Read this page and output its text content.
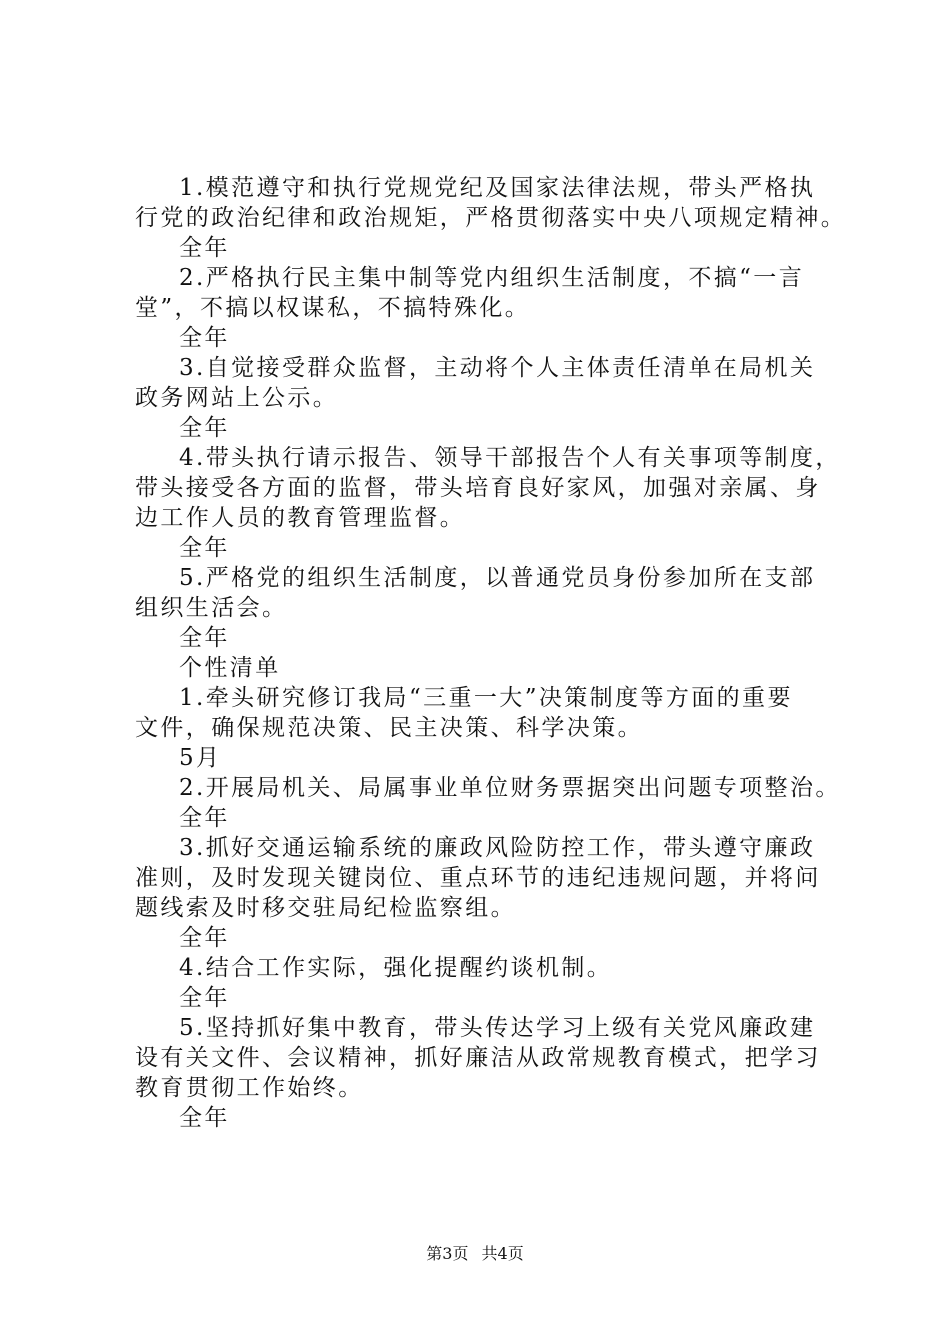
1.模范遵守和执行党规党纪及国家法律法规，带头严格执

行党的政治纪律和政治规矩，严格贯彻落实中央八项规定精神。

全年

2.严格执行民主集中制等党内组织生活制度，不搞“一言

堂”，不搞以权谋私，不搞特殊化。

全年

3.自觉接受群众监督，主动将个人主体责任清单在局机关

政务网站上公示。

全年

4.带头执行请示报告、领导干部报告个人有关事项等制度，

带头接受各方面的监督，带头培育良好家风，加强对亲属、身

边工作人员的教育管理监督。

全年

5.严格党的组织生活制度，以普通党员身份参加所在支部

组织生活会。

全年

个性清单

1.牵头研究修订我局“三重一大”决策制度等方面的重要

文件，确保规范决策、民主决策、科学决策。

5月

2.开展局机关、局属事业单位财务票据突出问题专项整治。

全年

3.抓好交通运输系统的廉政风险防控工作，带头遵守廉政

准则，及时发现关键岗位、重点环节的违纪违规问题，并将问

题线索及时移交驻局纪检监察组。

全年

4.结合工作实际，强化提醒约谈机制。

全年

5.坚持抓好集中教育，带头传达学习上级有关党风廉政建

设有关文件、会议精神，抓好廉洁从政常规教育模式，把学习

教育贯彻工作始终。

全年

第3页 共4页
